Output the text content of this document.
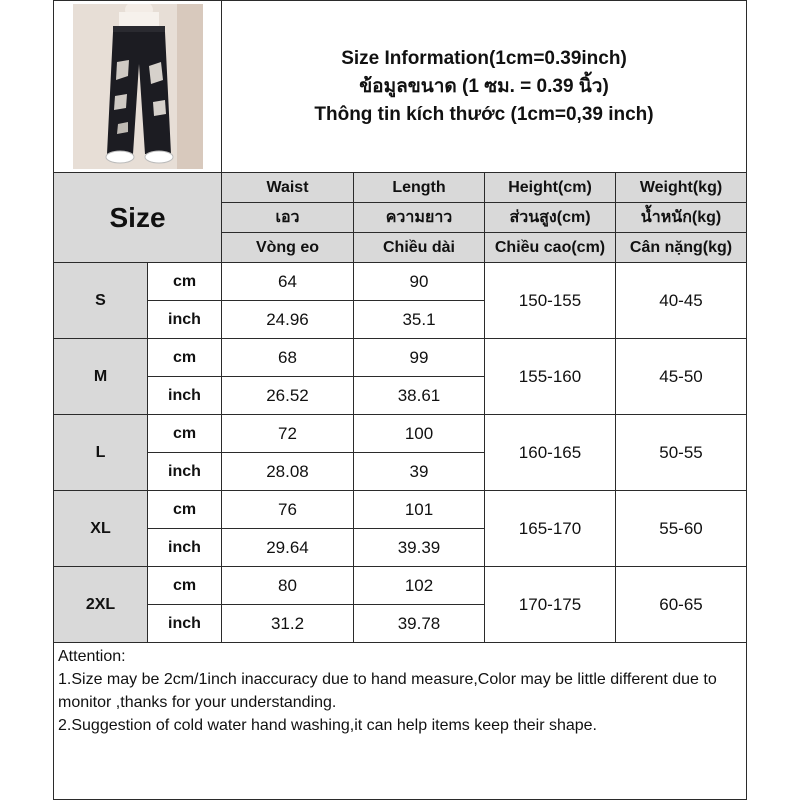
Size Information(1cm=0.39inch)
ข้อมูลขนาด (1 ซม. = 0.39 นิ้ว)
Thông tin kích thước (1cm=0,39 inch)			

Size		Waist	Length	Height(cm)	Weight(kg)
		เอว	ความยาว	ส่วนสูง(cm)	น้ำหนัก(kg)
		Vòng eo	Chiều dài	Chiều cao(cm)	Cân nặng(kg)
S	cm	64	90	150-155	40-45
	inch	24.96	35.1		
M	cm	68	99	155-160	45-50
	inch	26.52	38.61		
L	cm	72	100	160-165	50-55
	inch	28.08	39		
XL	cm	76	101	165-170	55-60
	inch	29.64	39.39		
2XL	cm	80	102	170-175	60-65
	inch	31.2	39.78		

Attention:
1.Size may be 2cm/1inch inaccuracy due to hand measure,Color may be little different due to monitor ,thanks for your understanding.
2.Suggestion of cold water hand washing,it can help items keep their shape.					
